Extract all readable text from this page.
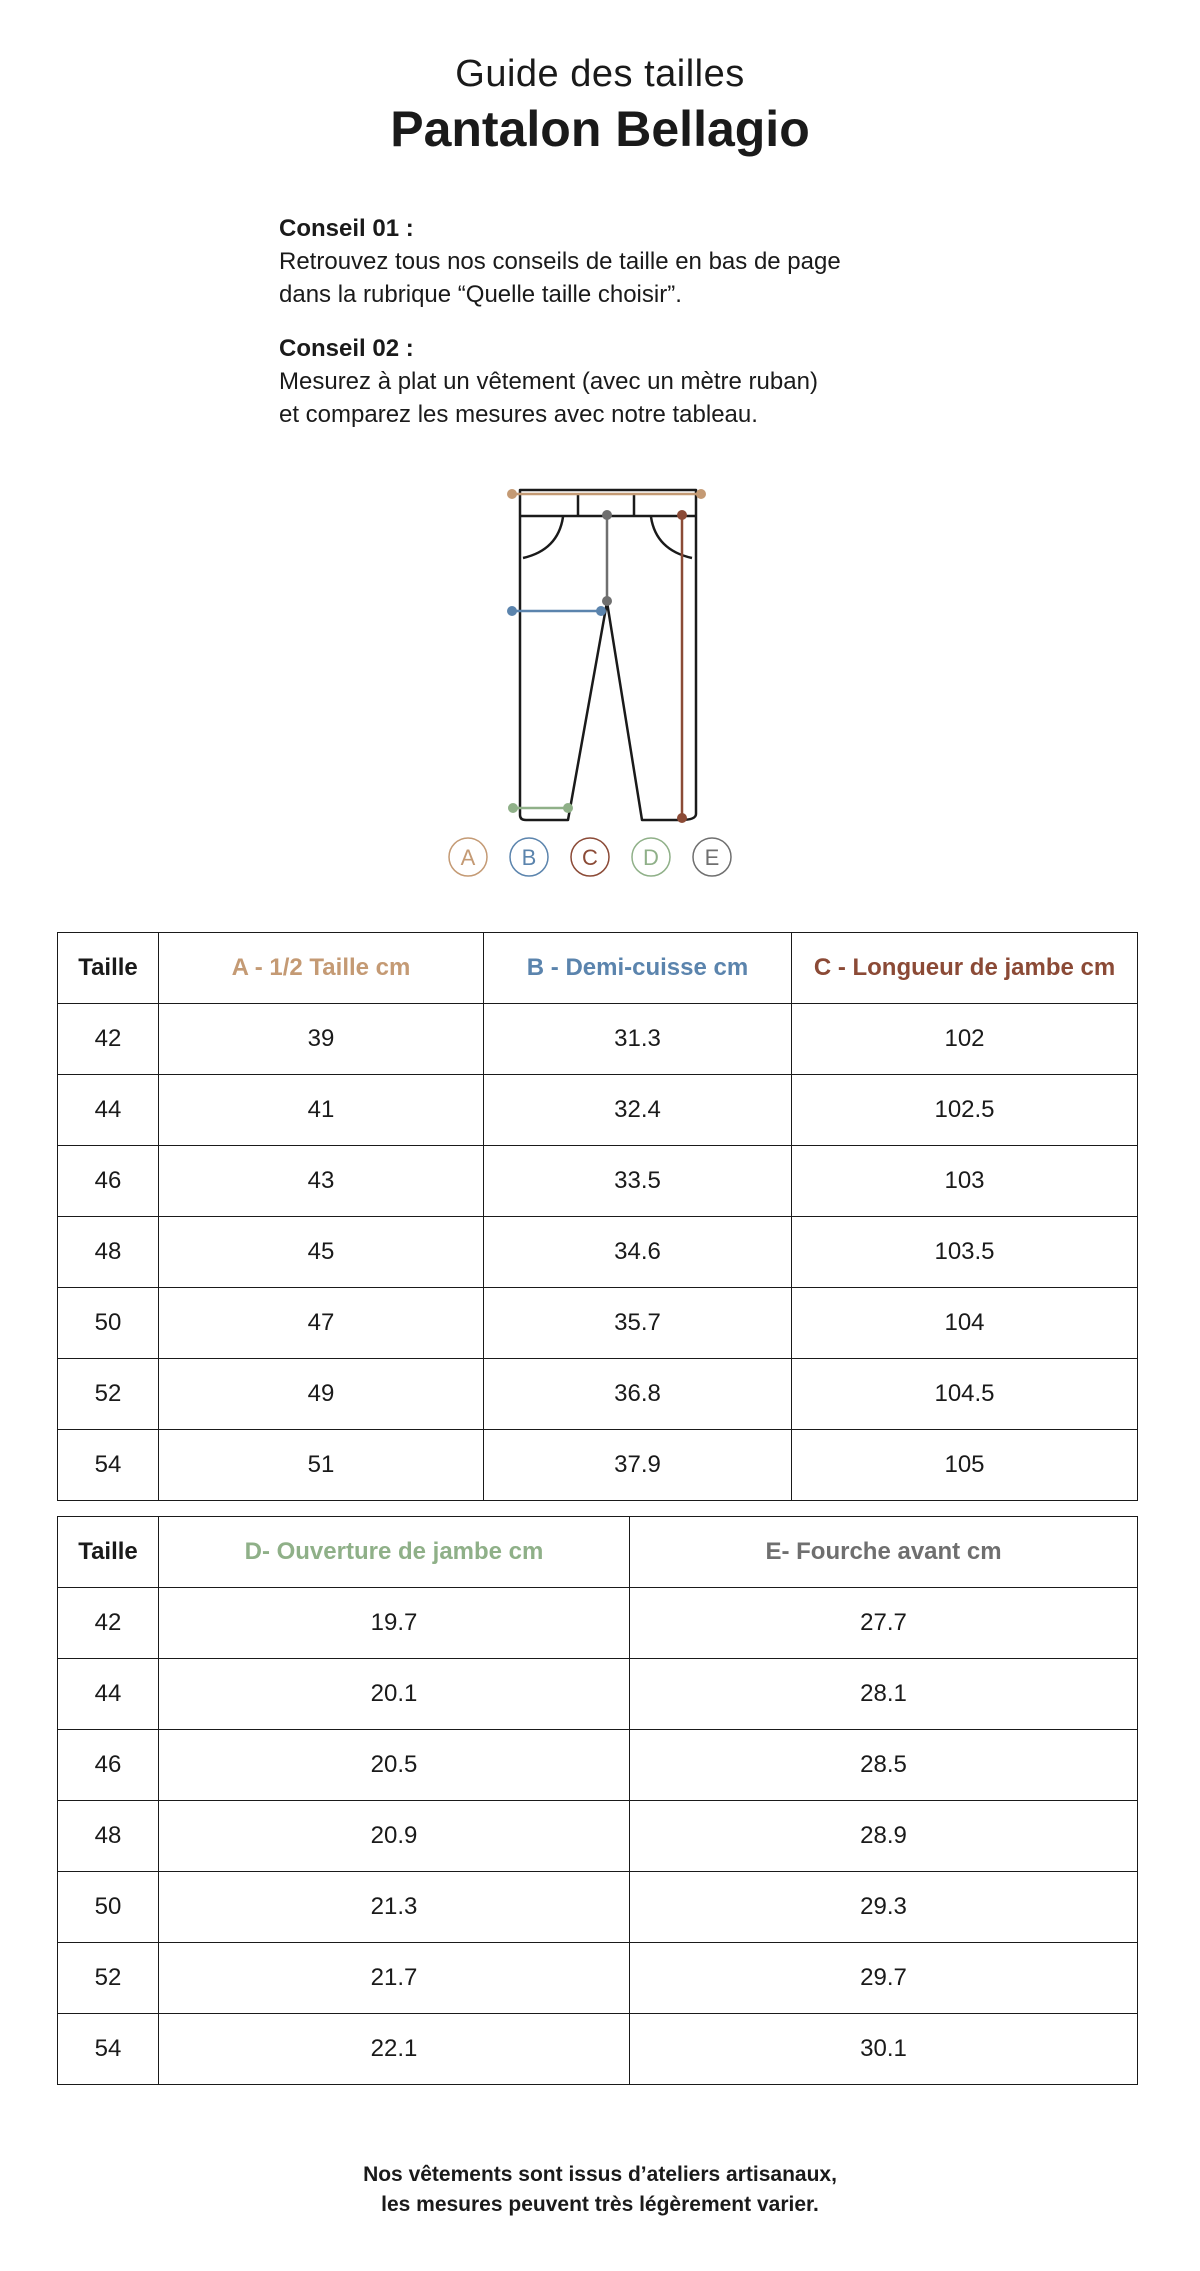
Guide des tailles
Pantalon Bellagio
Conseil 01 :
Retrouvez tous nos conseils de taille en bas de page
dans la rubrique “Quelle taille choisir”.
Conseil 02 :
Mesurez à plat un vêtement (avec un mètre ruban)
et comparez les mesures avec notre tableau.
A B C D E
Taille	A - 1/2 Taille cm	B - Demi-cuisse cm	C - Longueur de jambe cm
42	39	31.3	102
44	41	32.4	102.5
46	43	33.5	103
48	45	34.6	103.5
50	47	35.7	104
52	49	36.8	104.5
54	51	37.9	105
Taille	D- Ouverture de jambe cm	E- Fourche avant cm
42	19.7	27.7
44	20.1	28.1
46	20.5	28.5
48	20.9	28.9
50	21.3	29.3
52	21.7	29.7
54	22.1	30.1
Nos vêtements sont issus d’ateliers artisanaux,
les mesures peuvent très légèrement varier.
